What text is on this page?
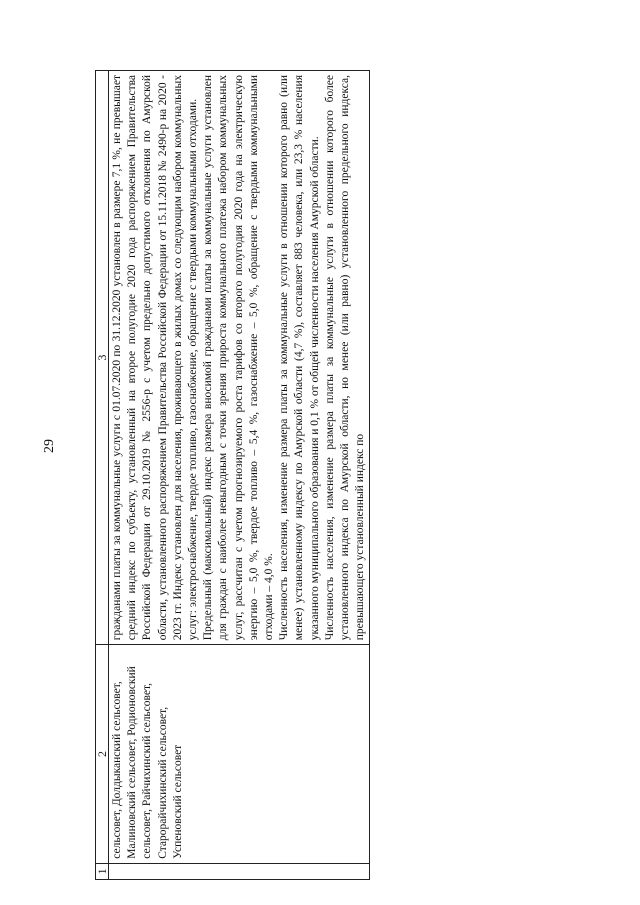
29
1	2	3
	сельсовет, Долдыканский сельсовет, Малиновский сельсовет, Родионовский сельсовет, Райчихинский сельсовет, Старорайчихинский сельсовет, Успеновский сельсовет	гражданами платы за коммунальные услуги с 01.07.2020 по 31.12.2020 установлен в размере 7,1 %, не превышает средний индекс по субъекту, установленный на второе полугодие 2020 года распоряжением Правительства Российской Федерации от 29.10.2019 № 2556-р с учетом предельно допустимого отклонения по Амурской области, установленного распоряжением Правительства Российской Федерации от 15.11.2018 № 2490-р на 2020 - 2023 гг. Индекс установлен для населения, проживающего в жилых домах со следующим набором коммунальных услуг: электроснабжение, твердое топливо, газоснабжение, обращение с твердыми коммунальными отходами. Предельный (максимальный) индекс размера вносимой гражданами платы за коммунальные услуги установлен для граждан с наиболее невыгодным с точки зрения прироста коммунального платежа набором коммунальных услуг, рассчитан с учетом прогнозируемого роста тарифов со второго полугодия 2020 года на электрическую энергию – 5,0 %, твердое топливо – 5,4 %, газоснабжение – 5,0 %, обращение с твердыми коммунальными отходами – 4,0 %. Численность населения, изменение размера платы за коммунальные услуги в отношении которого равно (или менее) установленному индексу по Амурской области (4,7 %), составляет 883 человека, или 23,3 % населения указанного муниципального образования и 0,1 % от общей численности населения Амурской области. Численность населения, изменение размера платы за коммунальные услуги в отношении которого более установленного индекса по Амурской области, но менее (или равно) установленного предельного индекса, превышающего установленный индекс по
